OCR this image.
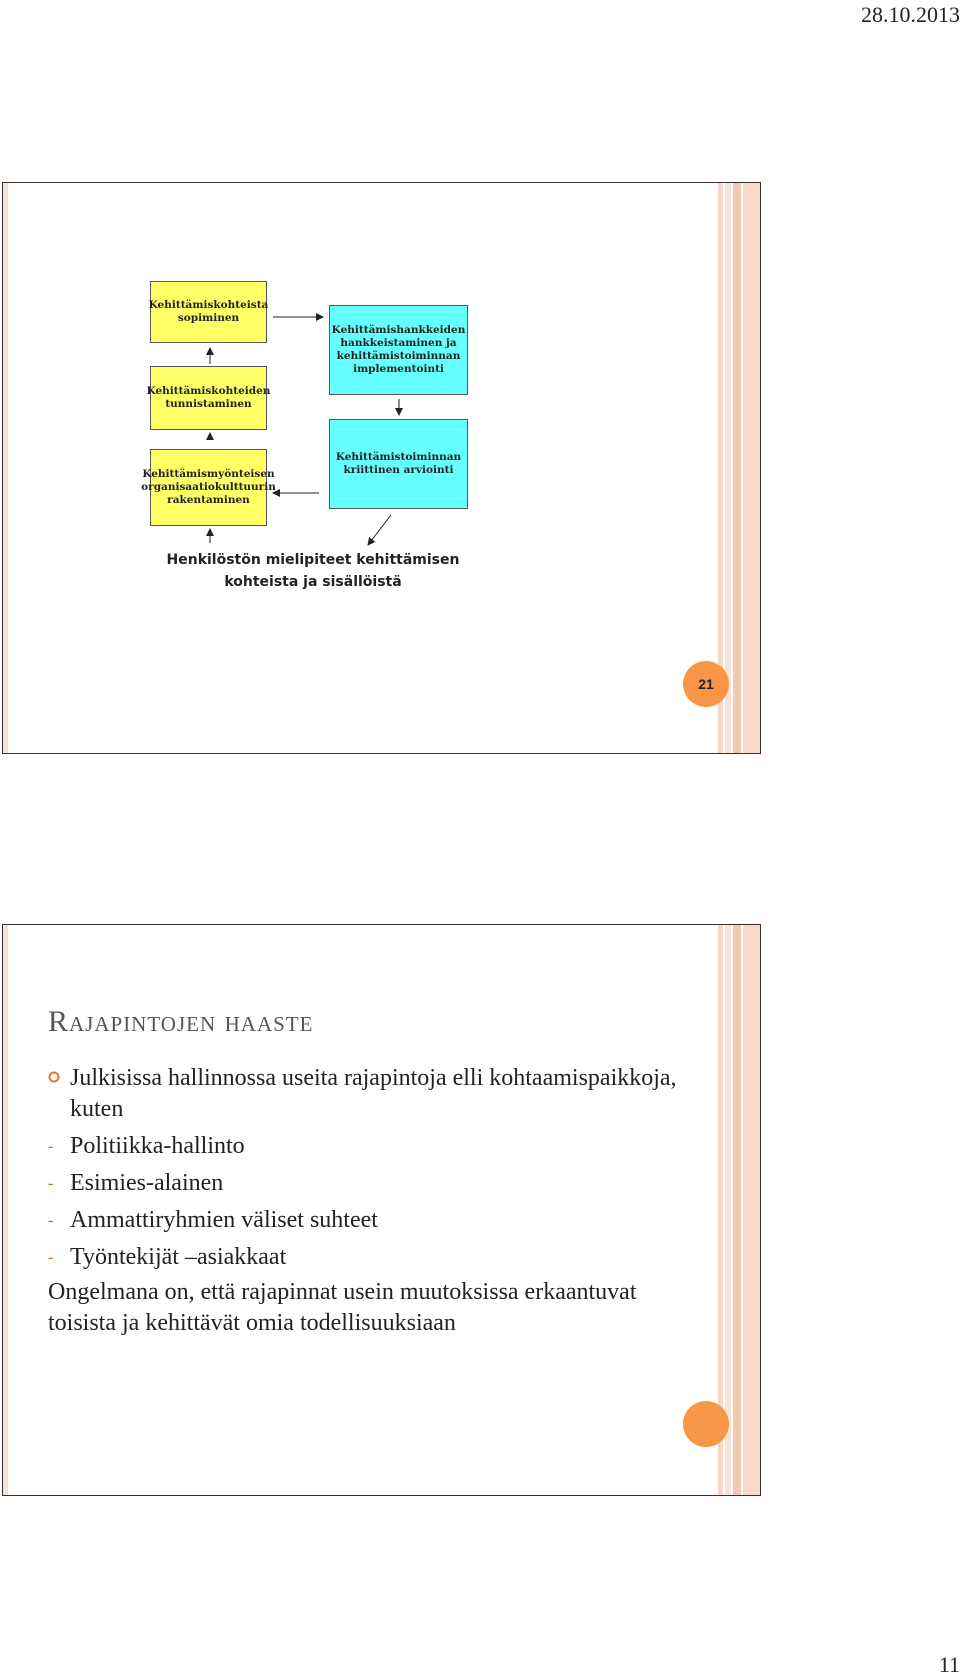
28.10.2013
Kehittämiskohteista sopiminen
Kehittämiskohteiden tunnistaminen
Kehittämismyönteisen organisaatiokulttuurin rakentaminen
Kehittämishankkeiden hankkeistaminen ja kehittämistoiminnan implementointi
Kehittämistoiminnan kriittinen arviointi
Henkilöstön mielipiteet kehittämisen kohteista ja sisällöistä
21
Rajapintojen haaste
Julkisissa hallinnossa useita rajapintoja elli kohtaamispaikkoja, kuten
- Politiikka-hallinto
- Esimies-alainen
- Ammattiryhmien väliset suhteet
- Työntekijät –asiakkaat
Ongelmana on, että rajapinnat usein muutoksissa erkaantuvat toisista ja kehittävät omia todellisuuksiaan
11
